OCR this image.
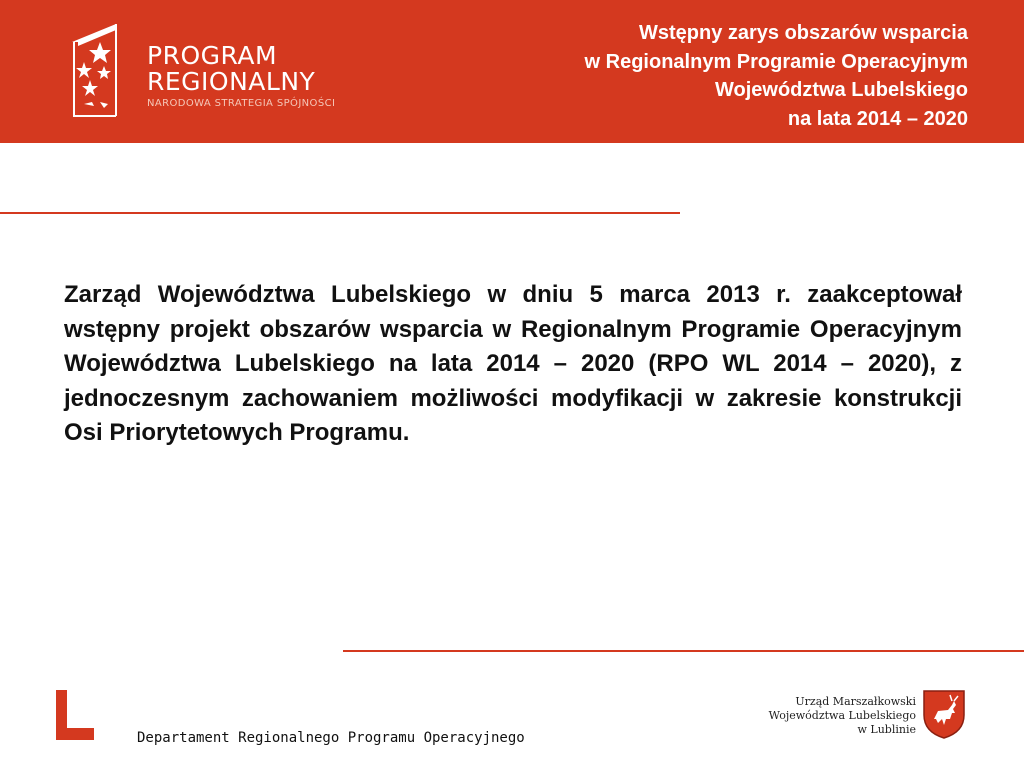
PROGRAM
REGIONALNY
NARODOWA STRATEGIA SPÓJNOŚCI
Wstępny zarys obszarów wsparcia
w Regionalnym Programie Operacyjnym
Województwa Lubelskiego
na lata 2014 – 2020
Zarząd Województwa Lubelskiego w dniu 5 marca 2013 r. zaakceptował wstępny projekt obszarów wsparcia w Regionalnym Programie Operacyjnym Województwa Lubelskiego na lata 2014 – 2020 (RPO WL 2014 – 2020), z jednoczesnym zachowaniem możliwości modyfikacji w zakresie konstrukcji Osi Priorytetowych Programu.
Departament Regionalnego Programu Operacyjnego
Urząd Marszałkowski
Województwa Lubelskiego
w Lublinie
